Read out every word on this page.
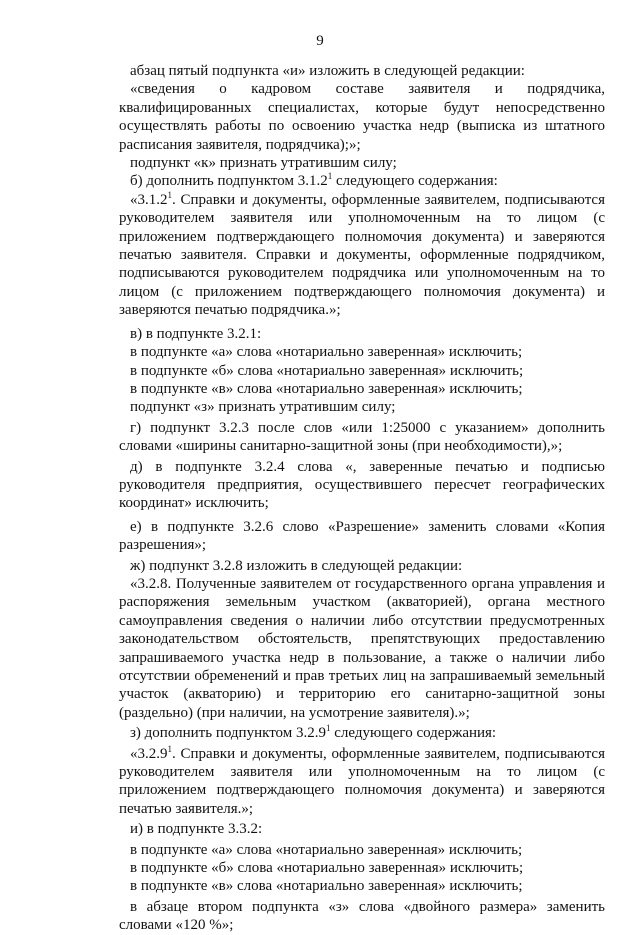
9

абзац пятый подпункта «и» изложить в следующей редакции:

«сведения о кадровом составе заявителя и подрядчика, квалифицированных специалистах, которые будут непосредственно осуществлять работы по освоению участка недр (выписка из штатного расписания заявителя, подрядчика);»;

подпункт «к» признать утратившим силу;

б) дополнить подпунктом 3.1.2$^1$ следующего содержания:

«3.1.2$^1$. Справки и документы, оформленные заявителем, подписываются руководителем заявителя или уполномоченным на то лицом (с приложением подтверждающего полномочия документа) и заверяются печатью заявителя. Справки и документы, оформленные подрядчиком, подписываются руководителем подрядчика или уполномоченным на то лицом (с приложением подтверждающего полномочия документа) и заверяются печатью подрядчика.»;

в) в подпункте 3.2.1:

в подпункте «а» слова «нотариально заверенная» исключить;

в подпункте «б» слова «нотариально заверенная» исключить;

в подпункте «в» слова «нотариально заверенная» исключить;

подпункт «з» признать утратившим силу;

г) подпункт 3.2.3 после слов «или 1:25000 с указанием» дополнить словами «ширины санитарно-защитной зоны (при необходимости),»;

д) в подпункте 3.2.4 слова «, заверенные печатью и подписью руководителя предприятия, осуществившего пересчет географических координат» исключить;

е) в подпункте 3.2.6 слово «Разрешение» заменить словами «Копия разрешения»;

ж) подпункт 3.2.8 изложить в следующей редакции:

«3.2.8. Полученные заявителем от государственного органа управления и распоряжения земельным участком (акваторией), органа местного самоуправления сведения о наличии либо отсутствии предусмотренных законодательством обстоятельств, препятствующих предоставлению запрашиваемого участка недр в пользование, а также о наличии либо отсутствии обременений и прав третьих лиц на запрашиваемый земельный участок (акваторию) и территорию его санитарно-защитной зоны (раздельно) (при наличии, на усмотрение заявителя).»;

з) дополнить подпунктом 3.2.9$^1$ следующего содержания:

«3.2.9$^1$. Справки и документы, оформленные заявителем, подписываются руководителем заявителя или уполномоченным на то лицом (с приложением подтверждающего полномочия документа) и заверяются печатью заявителя.»;

и) в подпункте 3.3.2:

в подпункте «а» слова «нотариально заверенная» исключить;

в подпункте «б» слова «нотариально заверенная» исключить;

в подпункте «в» слова «нотариально заверенная» исключить;

в абзаце втором подпункта «з» слова «двойного размера» заменить словами «120 %»;
